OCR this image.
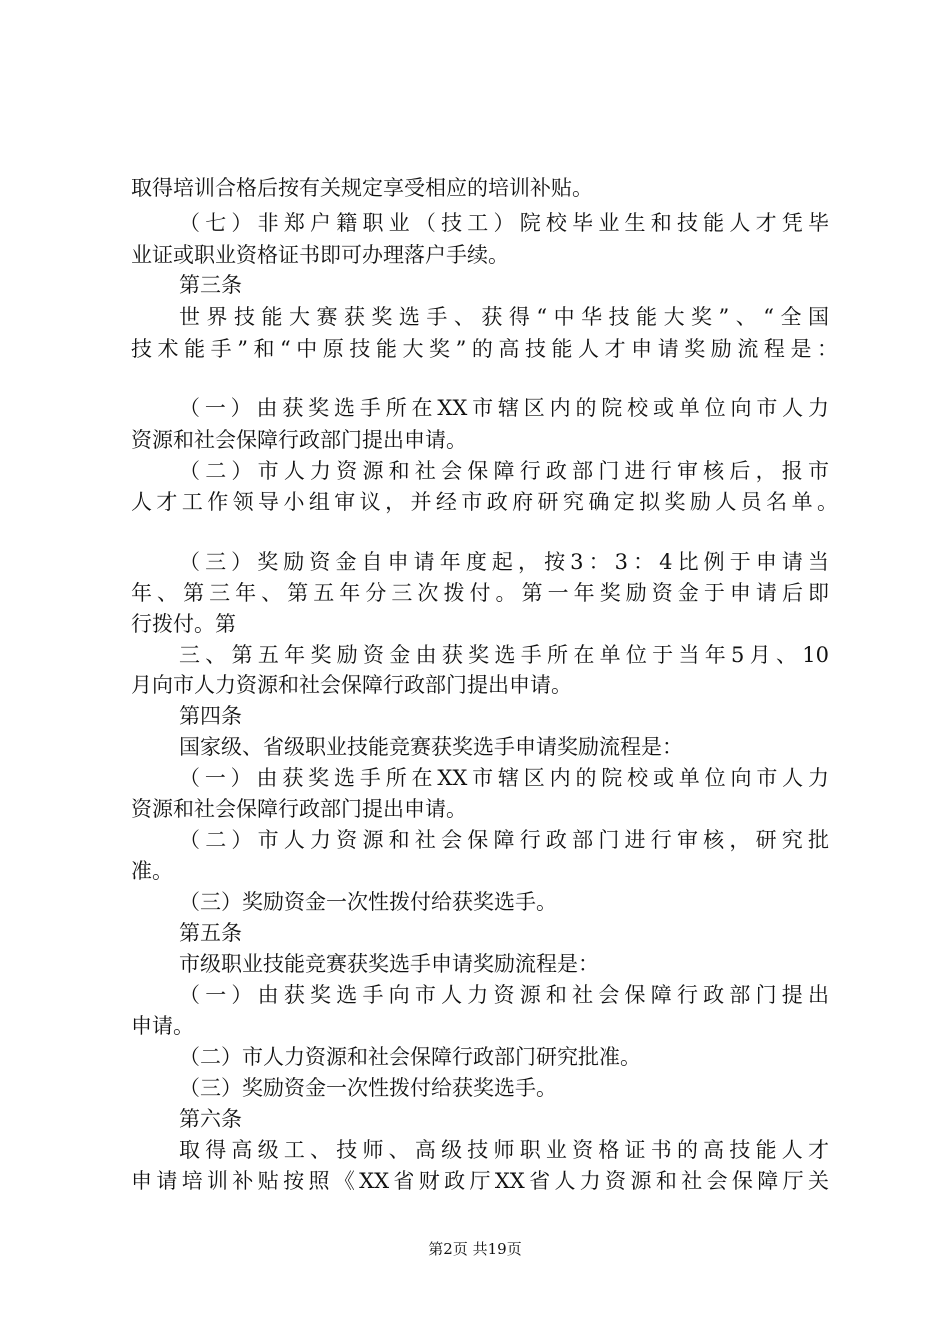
取得培训合格后按有关规定享受相应的培训补贴。
（七）非郑户籍职业（技工）院校毕业生和技能人才凭毕
业证或职业资格证书即可办理落户手续。
第三条
世界技能大赛获奖选手、获得“中华技能大奖”、“全国
技术能手”和“中原技能大奖”的高技能人才申请奖励流程是：
（一）由获奖选手所在XX市辖区内的院校或单位向市人力
资源和社会保障行政部门提出申请。
（二）市人力资源和社会保障行政部门进行审核后，报市
人才工作领导小组审议，并经市政府研究确定拟奖励人员名单。
（三）奖励资金自申请年度起，按3：3：4比例于申请当
年、第三年、第五年分三次拨付。第一年奖励资金于申请后即
行拨付。第
三、第五年奖励资金由获奖选手所在单位于当年5月、10
月向市人力资源和社会保障行政部门提出申请。
第四条
国家级、省级职业技能竞赛获奖选手申请奖励流程是：
（一）由获奖选手所在XX市辖区内的院校或单位向市人力
资源和社会保障行政部门提出申请。
（二）市人力资源和社会保障行政部门进行审核，研究批
准。
（三）奖励资金一次性拨付给获奖选手。
第五条
市级职业技能竞赛获奖选手申请奖励流程是：
（一）由获奖选手向市人力资源和社会保障行政部门提出
申请。
（二）市人力资源和社会保障行政部门研究批准。
（三）奖励资金一次性拨付给获奖选手。
第六条
取得高级工、技师、高级技师职业资格证书的高技能人才
申请培训补贴按照《XX省财政厅XX省人力资源和社会保障厅关
第2页 共19页
